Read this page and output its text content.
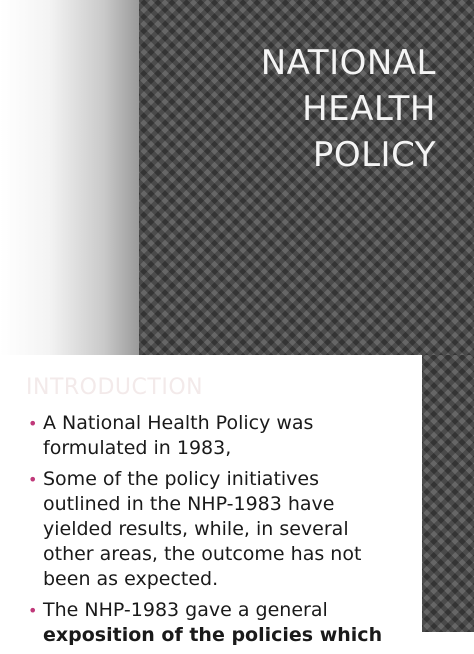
NATIONAL
HEALTH
POLICY
INTRODUCTION
• A National Health Policy was formulated in 1983,
• Some of the policy initiatives outlined in the NHP-1983 have yielded results, while, in several other areas, the outcome has not been as expected.
• The NHP-1983 gave a general exposition of the policies which
